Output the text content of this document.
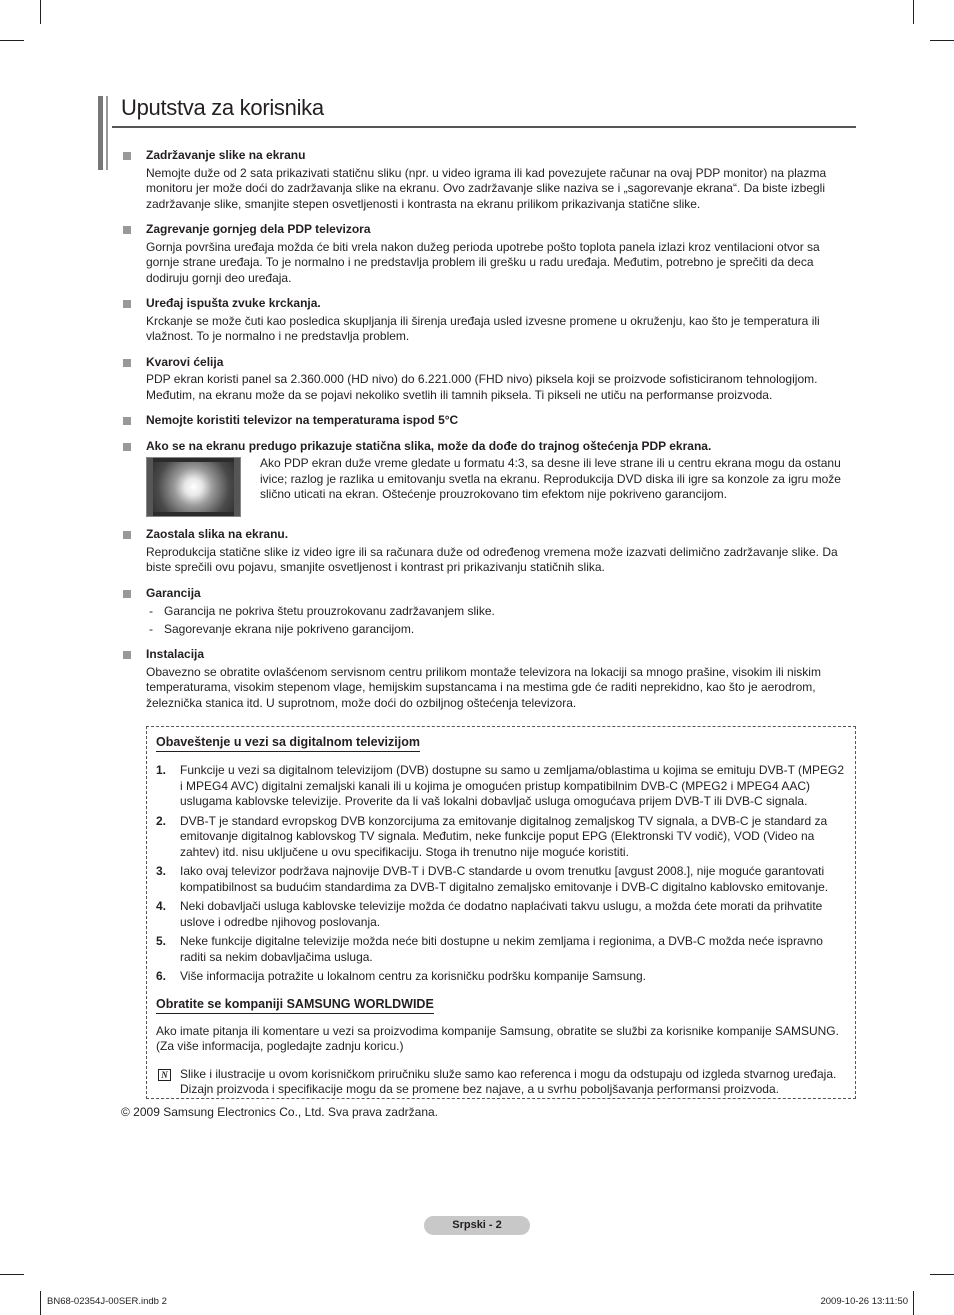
Uputstva za korisnika
Zadržavanje slike na ekranu

Nemojte duže od 2 sata prikazivati statičnu sliku (npr. u video igrama ili kad povezujete računar na ovaj PDP monitor) na plazma monitoru jer može doći do zadržavanja slike na ekranu. Ovo zadržavanje slike naziva se i „sagorevanje ekrana“. Da biste izbegli zadržavanje slike, smanjite stepen osvetljenosti i kontrasta na ekranu prilikom prikazivanja statične slike.

Zagrevanje gornjeg dela PDP televizora

Gornja površina uređaja možda će biti vrela nakon dužeg perioda upotrebe pošto toplota panela izlazi kroz ventilacioni otvor sa gornje strane uređaja. To je normalno i ne predstavlja problem ili grešku u radu uređaja. Međutim, potrebno je sprečiti da deca dodiruju gornji deo uređaja.

Uređaj ispušta zvuke krckanja.

Krckanje se može čuti kao posledica skupljanja ili širenja uređaja usled izvesne promene u okruženju, kao što je temperatura ili vlažnost. To je normalno i ne predstavlja problem.

Kvarovi ćelija

PDP ekran koristi panel sa 2.360.000 (HD nivo) do 6.221.000 (FHD nivo) piksela koji se proizvode sofisticiranom tehnologijom. Međutim, na ekranu može da se pojavi nekoliko svetlih ili tamnih piksela. Ti pikseli ne utiču na performanse proizvoda.

Nemojte koristiti televizor na temperaturama ispod 5°C
Ako se na ekranu predugo prikazuje statična slika, može da dođe do trajnog oštećenja PDP ekrana.

Ako PDP ekran duže vreme gledate u formatu 4:3, sa desne ili leve strane ili u centru ekrana mogu da ostanu ivice; razlog je razlika u emitovanju svetla na ekranu. Reprodukcija DVD diska ili igre sa konzole za igru može slično uticati na ekran. Oštećenje prouzrokovano tim efektom nije pokriveno garancijom.

Zaostala slika na ekranu.

Reprodukcija statične slike iz video igre ili sa računara duže od određenog vremena može izazvati delimično zadržavanje slike. Da biste sprečili ovu pojavu, smanjite osvetljenost i kontrast pri prikazivanju statičnih slika.

Garancija
- Garancija ne pokriva štetu prouzrokovanu zadržavanjem slike.
- Sagorevanje ekrana nije pokriveno garancijom.
Instalacija

Obavezno se obratite ovlašćenom servisnom centru prilikom montaže televizora na lokaciji sa mnogo prašine, visokim ili niskim temperaturama, visokim stepenom vlage, hemijskim supstancama i na mestima gde će raditi neprekidno, kao što je aerodrom, železnička stanica itd. U suprotnom, može doći do ozbiljnog oštećenja televizora.

Obaveštenje u vezi sa digitalnom televizijom
1. Funkcije u vezi sa digitalnom televizijom (DVB) dostupne su samo u zemljama/oblastima u kojima se emituju DVB-T (MPEG2 i MPEG4 AVC) digitalni zemaljski kanali ili u kojima je omogućen pristup kompatibilnim DVB-C (MPEG2 i MPEG4 AAC) uslugama kablovske televizije. Proverite da li vaš lokalni dobavljač usluga omogućava prijem DVB-T ili DVB-C signala.
2. DVB-T je standard evropskog DVB konzorcijuma za emitovanje digitalnog zemaljskog TV signala, a DVB-C je standard za emitovanje digitalnog kablovskog TV signala. Međutim, neke funkcije poput EPG (Elektronski TV vodič), VOD (Video na zahtev) itd. nisu uključene u ovu specifikaciju. Stoga ih trenutno nije moguće koristiti.
3. Iako ovaj televizor podržava najnovije DVB-T i DVB-C standarde u ovom trenutku [avgust 2008.], nije moguće garantovati kompatibilnost sa budućim standardima za DVB-T digitalno zemaljsko emitovanje i DVB-C digitalno kablovsko emitovanje.
4. Neki dobavljači usluga kablovske televizije možda će dodatno naplaćivati takvu uslugu, a možda ćete morati da prihvatite uslove i odredbe njihovog poslovanja.
5. Neke funkcije digitalne televizije možda neće biti dostupne u nekim zemljama i regionima, a DVB-C možda neće ispravno raditi sa nekim dobavljačima usluga.
6. Više informacija potražite u lokalnom centru za korisničku podršku kompanije Samsung.
Obratite se kompaniji SAMSUNG WORLDWIDE

Ako imate pitanja ili komentare u vezi sa proizvodima kompanije Samsung, obratite se službi za korisnike kompanije SAMSUNG. (Za više informacija, pogledajte zadnju koricu.)

N Slike i ilustracije u ovom korisničkom priručniku služe samo kao referenca i mogu da odstupaju od izgleda stvarnog uređaja. Dizajn proizvoda i specifikacije mogu da se promene bez najave, a u svrhu poboljšavanja performansi proizvoda.

© 2009 Samsung Electronics Co., Ltd. Sva prava zadržana.
Srpski - 2
BN68-02354J-00SER.indb 2	2009-10-26 13:11:50
